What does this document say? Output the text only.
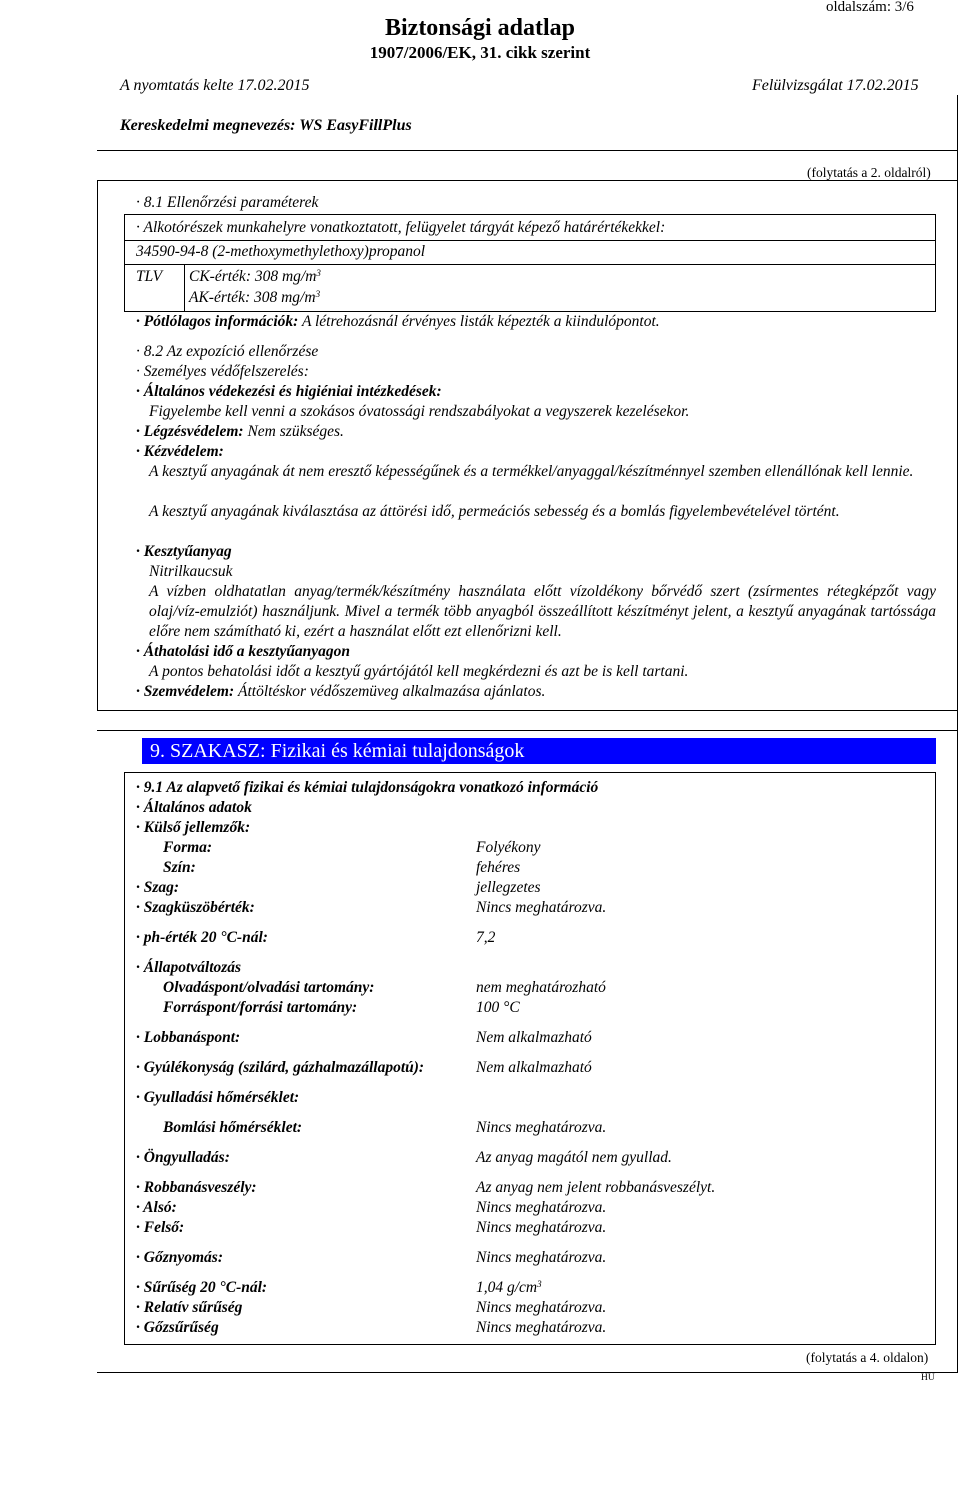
oldalszám: 3/6
Biztonsági adatlap
1907/2006/EK, 31. cikk szerint
A nyomtatás kelte 17.02.2015	Felülvizsgálat 17.02.2015
Kereskedelmi megnevezés: WS EasyFillPlus
(folytatás a 2. oldalról)
· 8.1 Ellenőrzési paraméterek
· Alkotórészek munkahelyre vonatkoztatott, felügyelet tárgyát képező határértékekkel:
34590-94-8 (2-methoxymethylethoxy)propanol
TLV CK-érték: 308 $mg/m^3$
AK-érték: 308 $mg/m^3$
· Pótlólagos információk: A létrehozásnál érvényes listák képezték a kiindulópontot.
· 8.2 Az expozíció ellenőrzése
· Személyes védőfelszerelés:
· Általános védekezési és higiéniai intézkedések:
Figyelembe kell venni a szokásos óvatossági rendszabályokat a vegyszerek kezelésekor.
· Légzésvédelem: Nem szükséges.
· Kézvédelem:
A kesztyű anyagának át nem eresztő képességűnek és a termékkel/anyaggal/készítménnyel szemben ellenállónak kell lennie.
A kesztyű anyagának kiválasztása az áttörési idő, permeációs sebesség és a bomlás figyelembevételével történt.
· Kesztyűanyag
Nitrilkaucsuk
A vízben oldhatatlan anyag/termék/készítmény használata előtt vízoldékony bőrvédő szert (zsírmentes rétegképzőt vagy olaj/víz-emulziót) használjunk. Mivel a termék több anyagból összeállított készítményt jelent, a kesztyű anyagának tartóssága előre nem számítható ki, ezért a használat előtt ezt ellenőrizni kell.
· Áthatolási idő a kesztyűanyagon
A pontos behatolási időt a kesztyű gyártójától kell megkérdezni és azt be is kell tartani.
· Szemvédelem: Áttöltéskor védőszemüveg alkalmazása ajánlatos.
9. SZAKASZ: Fizikai és kémiai tulajdonságok
· 9.1 Az alapvető fizikai és kémiai tulajdonságokra vonatkozó információ
· Általános adatok
· Külső jellemzők:
Forma:	Folyékony
Szín:	fehéres
· Szag:	jellegzetes
· Szagküszöbérték:	Nincs meghatározva.
· ph-érték 20 °C-nál:	7,2
· Állapotváltozás
Olvadáspont/olvadási tartomány:	nem meghatározható
Forráspont/forrási tartomány:	100 °C
· Lobbanáspont:	Nem alkalmazható
· Gyúlékonyság (szilárd, gázhalmazállapotú):	Nem alkalmazható
· Gyulladási hőmérséklet:
Bomlási hőmérséklet:	Nincs meghatározva.
· Öngyulladás:	Az anyag magától nem gyullad.
· Robbanásveszély:	Az anyag nem jelent robbanásveszélyt.
· Alsó:	Nincs meghatározva.
· Felső:	Nincs meghatározva.
· Gőznyomás:	Nincs meghatározva.
· Sűrűség 20 °C-nál:	1,04 $g/cm^3$
· Relatív sűrűség	Nincs meghatározva.
· Gőzsűrűség	Nincs meghatározva.
(folytatás a 4. oldalon)
HU
